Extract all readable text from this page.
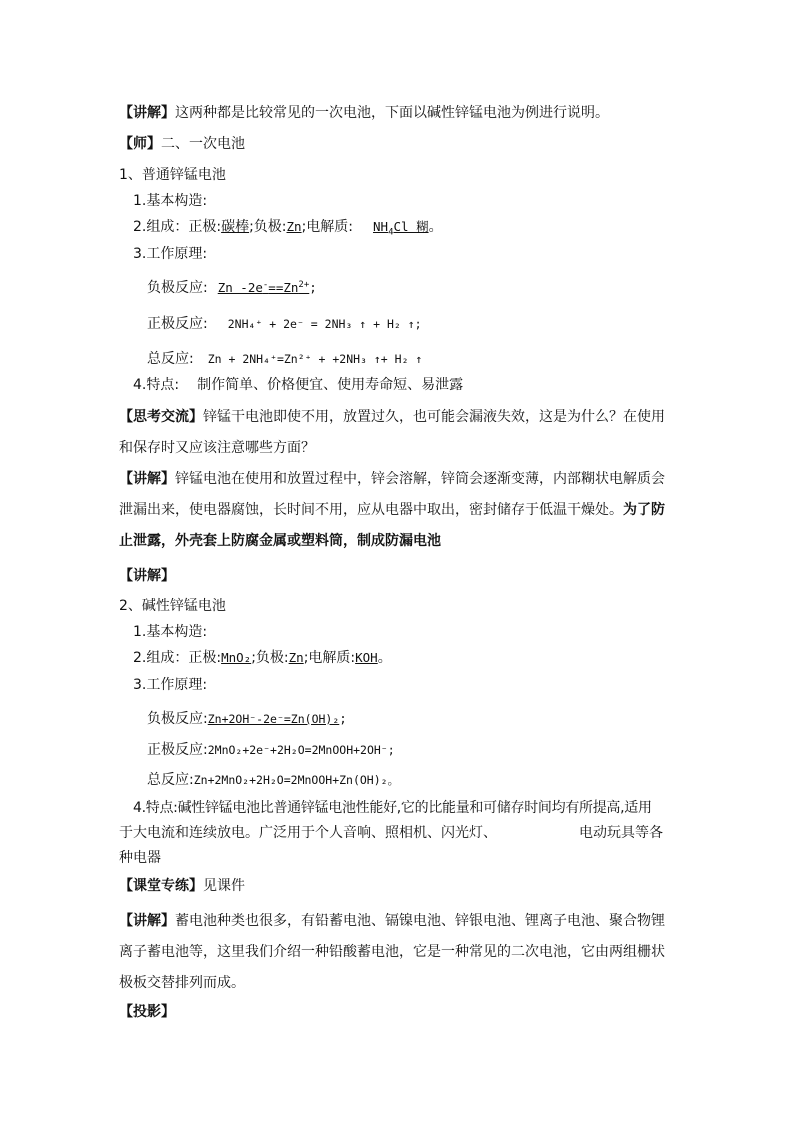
【讲解】这两种都是比较常见的一次电池，下面以碱性锌锰电池为例进行说明。
【师】二、一次电池
1、普通锌锰电池
1.基本构造:
2.组成：正极:碳棒;负极:Zn;电解质: $NH_4Cl$ 糊。
3.工作原理:
负极反应: Zn $-2e^-==Zn^{2+}$;
正极反应: 2NH₄⁺ + 2e⁻ = 2NH₃ ↑ + H₂ ↑;
总反应: Zn + 2NH₄⁺=Zn²⁺ + +2NH₃ ↑+ H₂ ↑
4.特点: 制作简单、价格便宜、使用寿命短、易泄露
【思考交流】锌锰干电池即使不用，放置过久，也可能会漏液失效，这是为什么？在使用和保存时又应该注意哪些方面？
【讲解】锌锰电池在使用和放置过程中，锌会溶解，锌筒会逐渐变薄，内部糊状电解质会泄漏出来，使电器腐蚀，长时间不用，应从电器中取出，密封储存于低温干燥处。为了防止泄露，外壳套上防腐金属或塑料筒，制成防漏电池
【讲解】
2、碱性锌锰电池
1.基本构造:
2.组成：正极:MnO₂;负极:Zn;电解质:KOH。
3.工作原理:
负极反应:Zn+2OH⁻-2e⁻=Zn(OH)₂;
正极反应:2MnO₂+2e⁻+2H₂O=2MnOOH+2OH⁻;
总反应:Zn+2MnO₂+2H₂O=2MnOOH+Zn(OH)₂。
4.特点:碱性锌锰电池比普通锌锰电池性能好,它的比能量和可储存时间均有所提高,适用
于大电流和连续放电。广泛用于个人音响、照相机、闪光灯、	电动玩具等各
种电器
【课堂专练】见课件
【讲解】蓄电池种类也很多，有铅蓄电池、镉镍电池、锌银电池、锂离子电池、聚合物锂离子蓄电池等，这里我们介绍一种铅酸蓄电池，它是一种常见的二次电池，它由两组栅状极板交替排列而成。
【投影】
